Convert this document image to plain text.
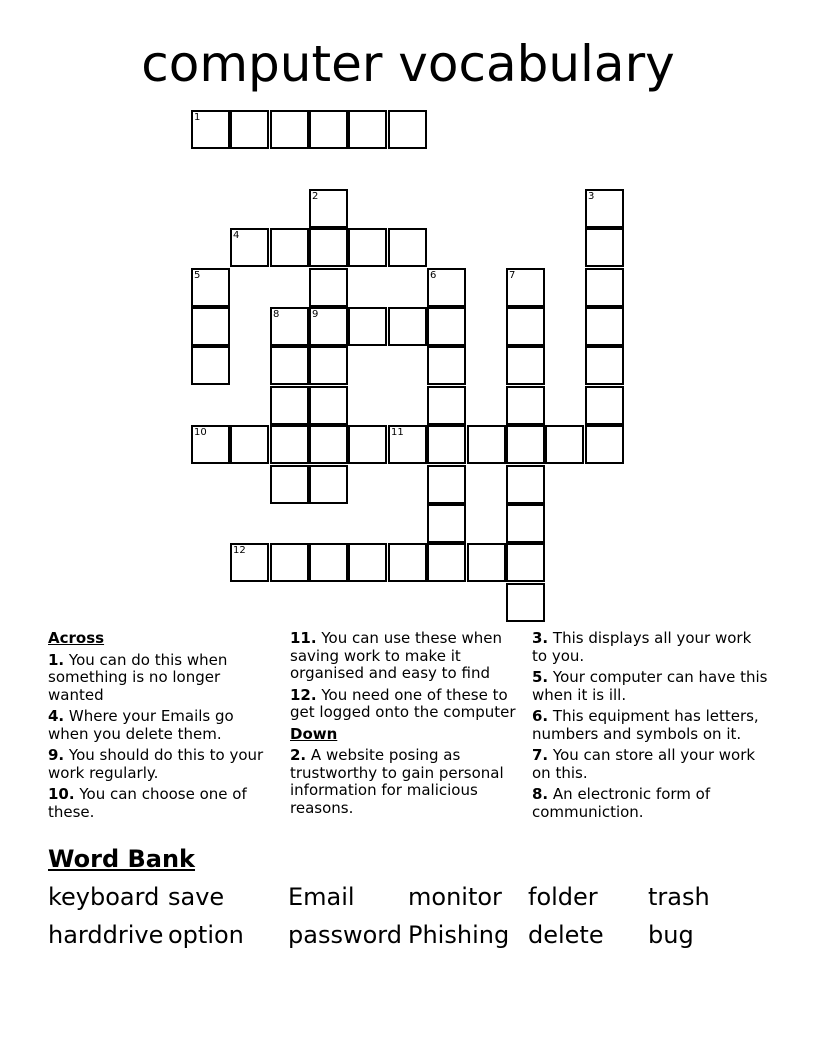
computer vocabulary
1
2
9
3
4
5	6	7
8
10	11
12
Across
1. You can do this when something is no longer wanted
4. Where your Emails go when you delete them.
9. You should do this to your work regularly.
10. You can choose one of these.
11. You can use these when saving work to make it organised and easy to find
12. You need one of these to get logged onto the computer
Down
2. A website posing as trustworthy to gain personal information for malicious reasons.
3. This displays all your work to you.
5. Your computer can have this when it is ill.
6. This equipment has letters, numbers and symbols on it.
7. You can store all your work on this.
8. An electronic form of communiction.
Word Bank
keyboard save	Email monitor folder trash
harddrive option password Phishing delete bug
